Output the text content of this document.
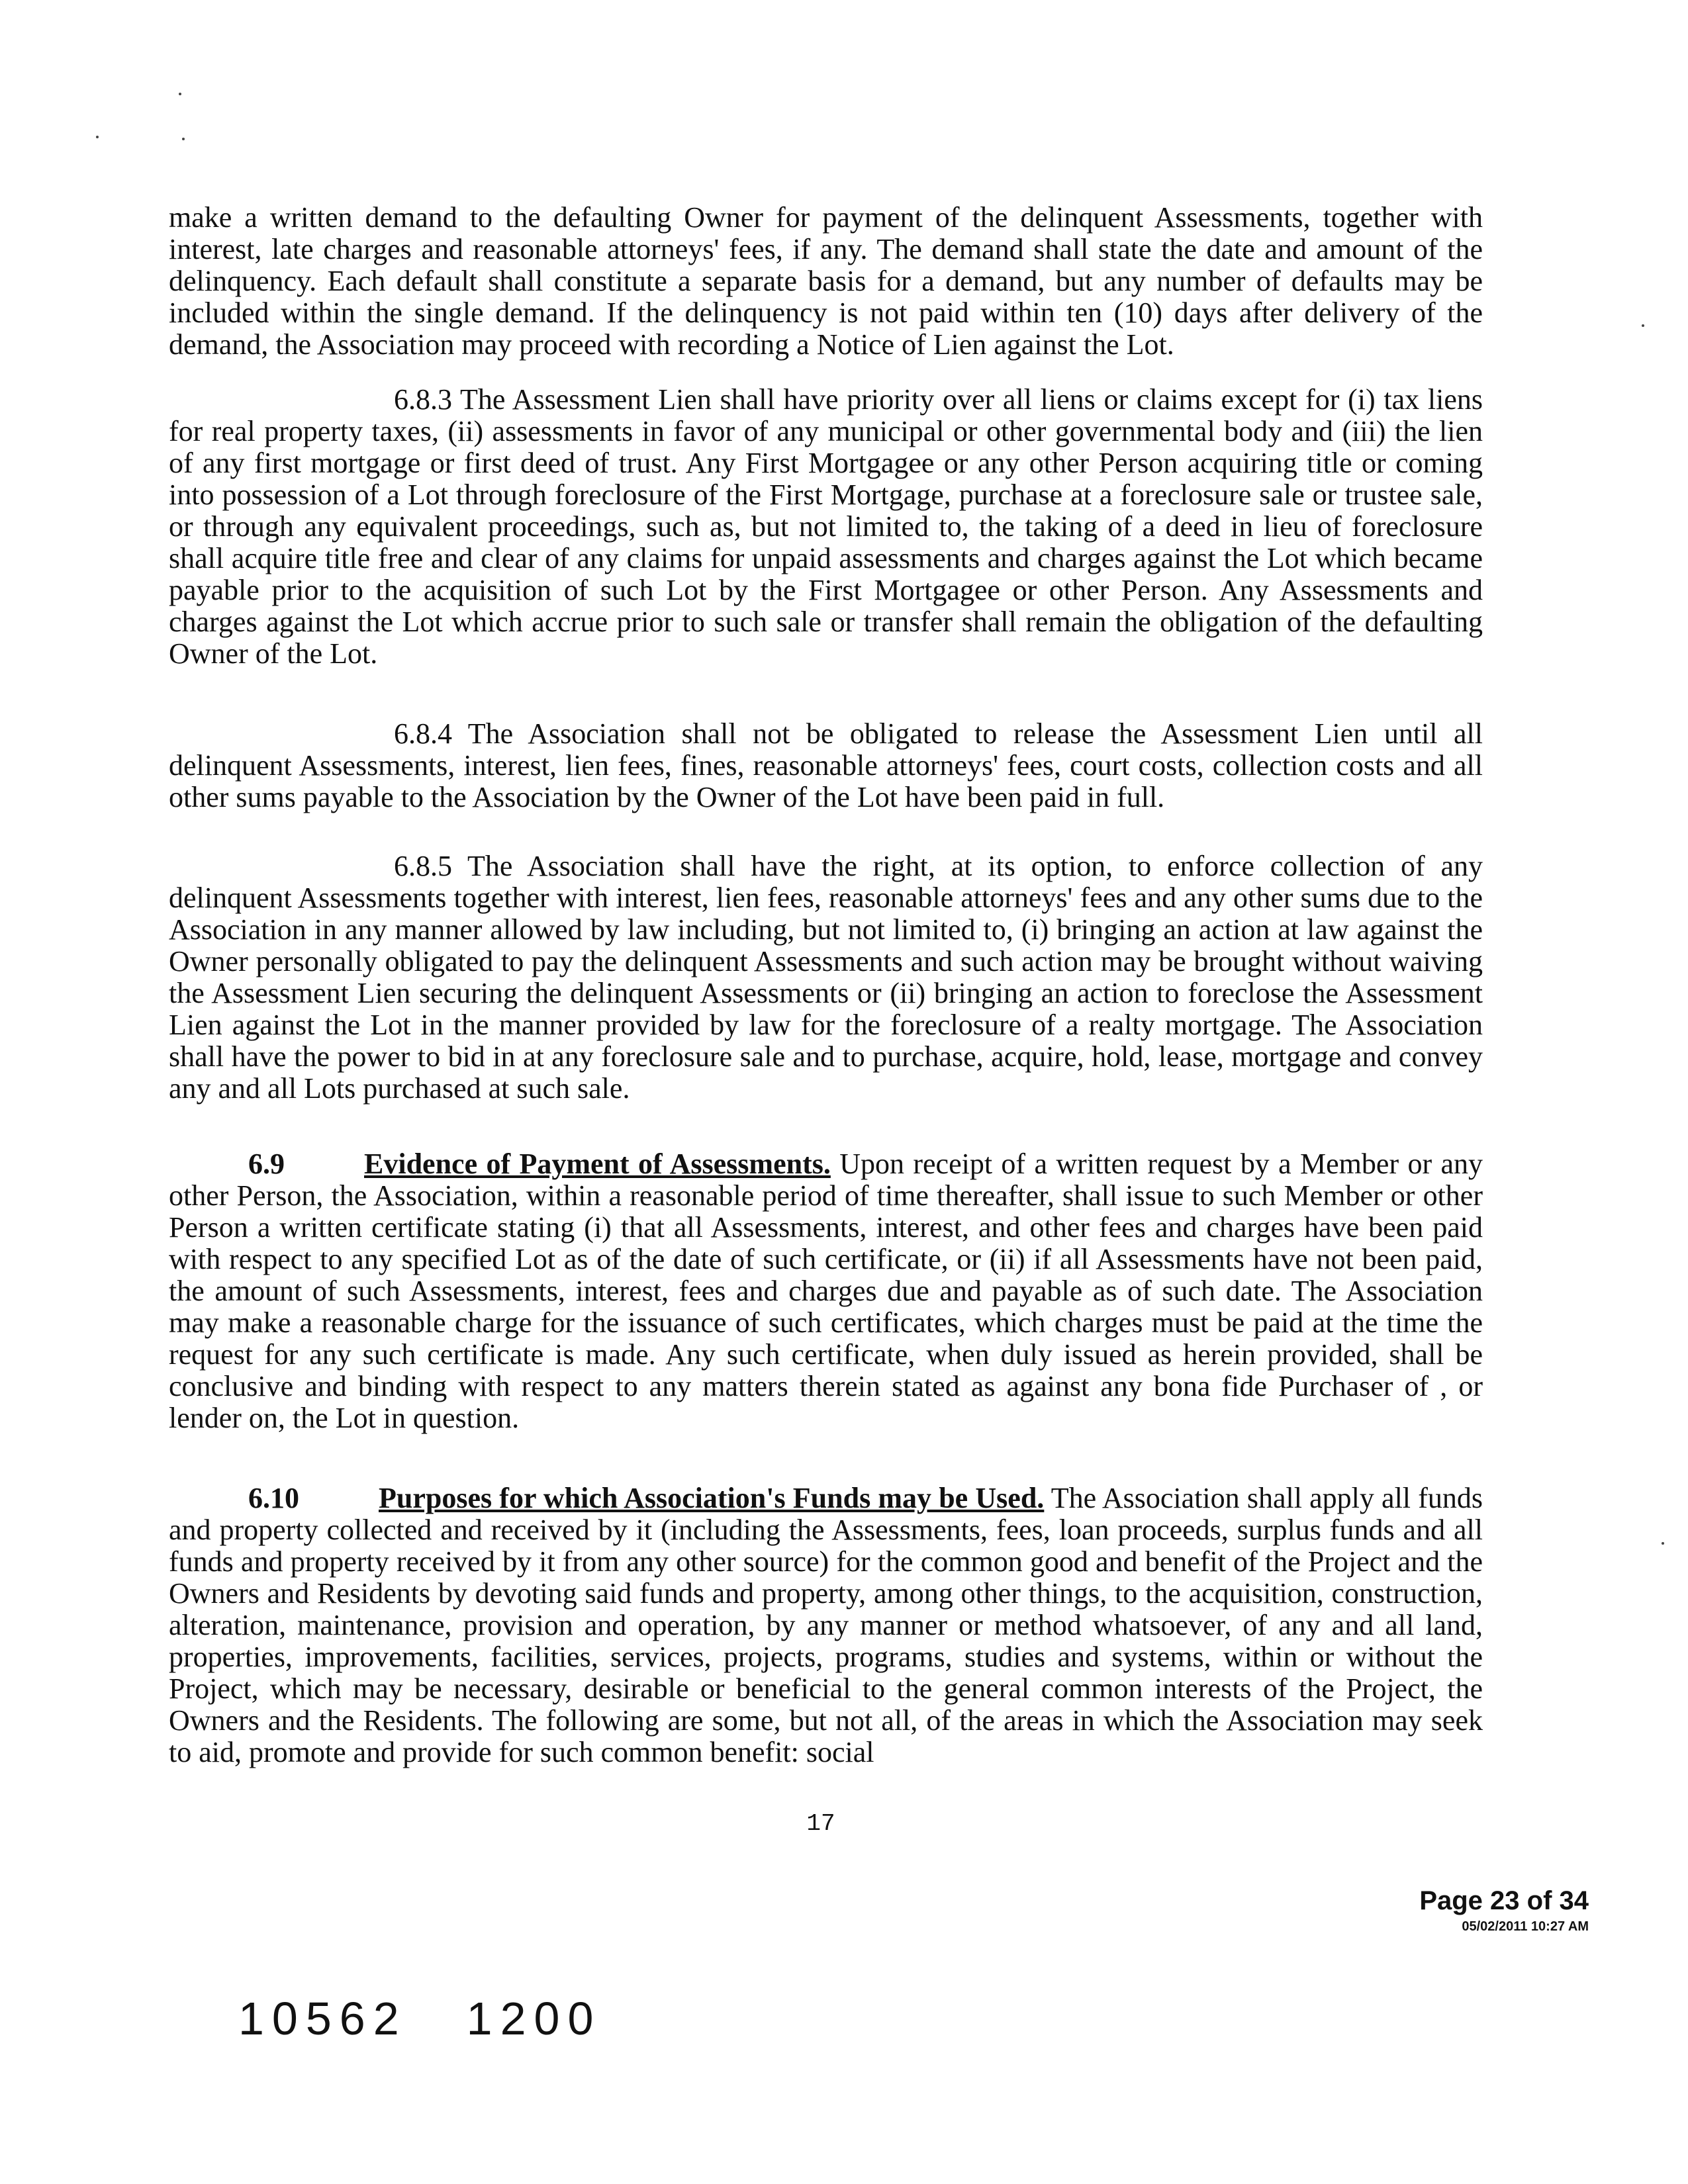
make a written demand to the defaulting Owner for payment of the delinquent Assessments, together with interest, late charges and reasonable attorneys' fees, if any. The demand shall state the date and amount of the delinquency. Each default shall constitute a separate basis for a demand, but any number of defaults may be included within the single demand. If the delinquency is not paid within ten (10) days after delivery of the demand, the Association may proceed with recording a Notice of Lien against the Lot.

6.8.3 The Assessment Lien shall have priority over all liens or claims except for (i) tax liens for real property taxes, (ii) assessments in favor of any municipal or other governmental body and (iii) the lien of any first mortgage or first deed of trust. Any First Mortgagee or any other Person acquiring title or coming into possession of a Lot through foreclosure of the First Mortgage, purchase at a foreclosure sale or trustee sale, or through any equivalent proceedings, such as, but not limited to, the taking of a deed in lieu of foreclosure shall acquire title free and clear of any claims for unpaid assessments and charges against the Lot which became payable prior to the acquisition of such Lot by the First Mortgagee or other Person. Any Assessments and charges against the Lot which accrue prior to such sale or transfer shall remain the obligation of the defaulting Owner of the Lot.

6.8.4 The Association shall not be obligated to release the Assessment Lien until all delinquent Assessments, interest, lien fees, fines, reasonable attorneys' fees, court costs, collection costs and all other sums payable to the Association by the Owner of the Lot have been paid in full.

6.8.5 The Association shall have the right, at its option, to enforce collection of any delinquent Assessments together with interest, lien fees, reasonable attorneys' fees and any other sums due to the Association in any manner allowed by law including, but not limited to, (i) bringing an action at law against the Owner personally obligated to pay the delinquent Assessments and such action may be brought without waiving the Assessment Lien securing the delinquent Assessments or (ii) bringing an action to foreclose the Assessment Lien against the Lot in the manner provided by law for the foreclosure of a realty mortgage. The Association shall have the power to bid in at any foreclosure sale and to purchase, acquire, hold, lease, mortgage and convey any and all Lots purchased at such sale.

6.9	Evidence of Payment of Assessments. Upon receipt of a written request by a Member or any other Person, the Association, within a reasonable period of time thereafter, shall issue to such Member or other Person a written certificate stating (i) that all Assessments, interest, and other fees and charges have been paid with respect to any specified Lot as of the date of such certificate, or (ii) if all Assessments have not been paid, the amount of such Assessments, interest, fees and charges due and payable as of such date. The Association may make a reasonable charge for the issuance of such certificates, which charges must be paid at the time the request for any such certificate is made. Any such certificate, when duly issued as herein provided, shall be conclusive and binding with respect to any matters therein stated as against any bona fide Purchaser of , or lender on, the Lot in question.

6.10	Purposes for which Association's Funds may be Used. The Association shall apply all funds and property collected and received by it (including the Assessments, fees, loan proceeds, surplus funds and all funds and property received by it from any other source) for the common good and benefit of the Project and the Owners and Residents by devoting said funds and property, among other things, to the acquisition, construction, alteration, maintenance, provision and operation, by any manner or method whatsoever, of any and all land, properties, improvements, facilities, services, projects, programs, studies and systems, within or without the Project, which may be necessary, desirable or beneficial to the general common interests of the Project, the Owners and the Residents. The following are some, but not all, of the areas in which the Association may seek to aid, promote and provide for such common benefit: social

17
Page 23 of 34
05/02/2011 10:27 AM
10562 1200
